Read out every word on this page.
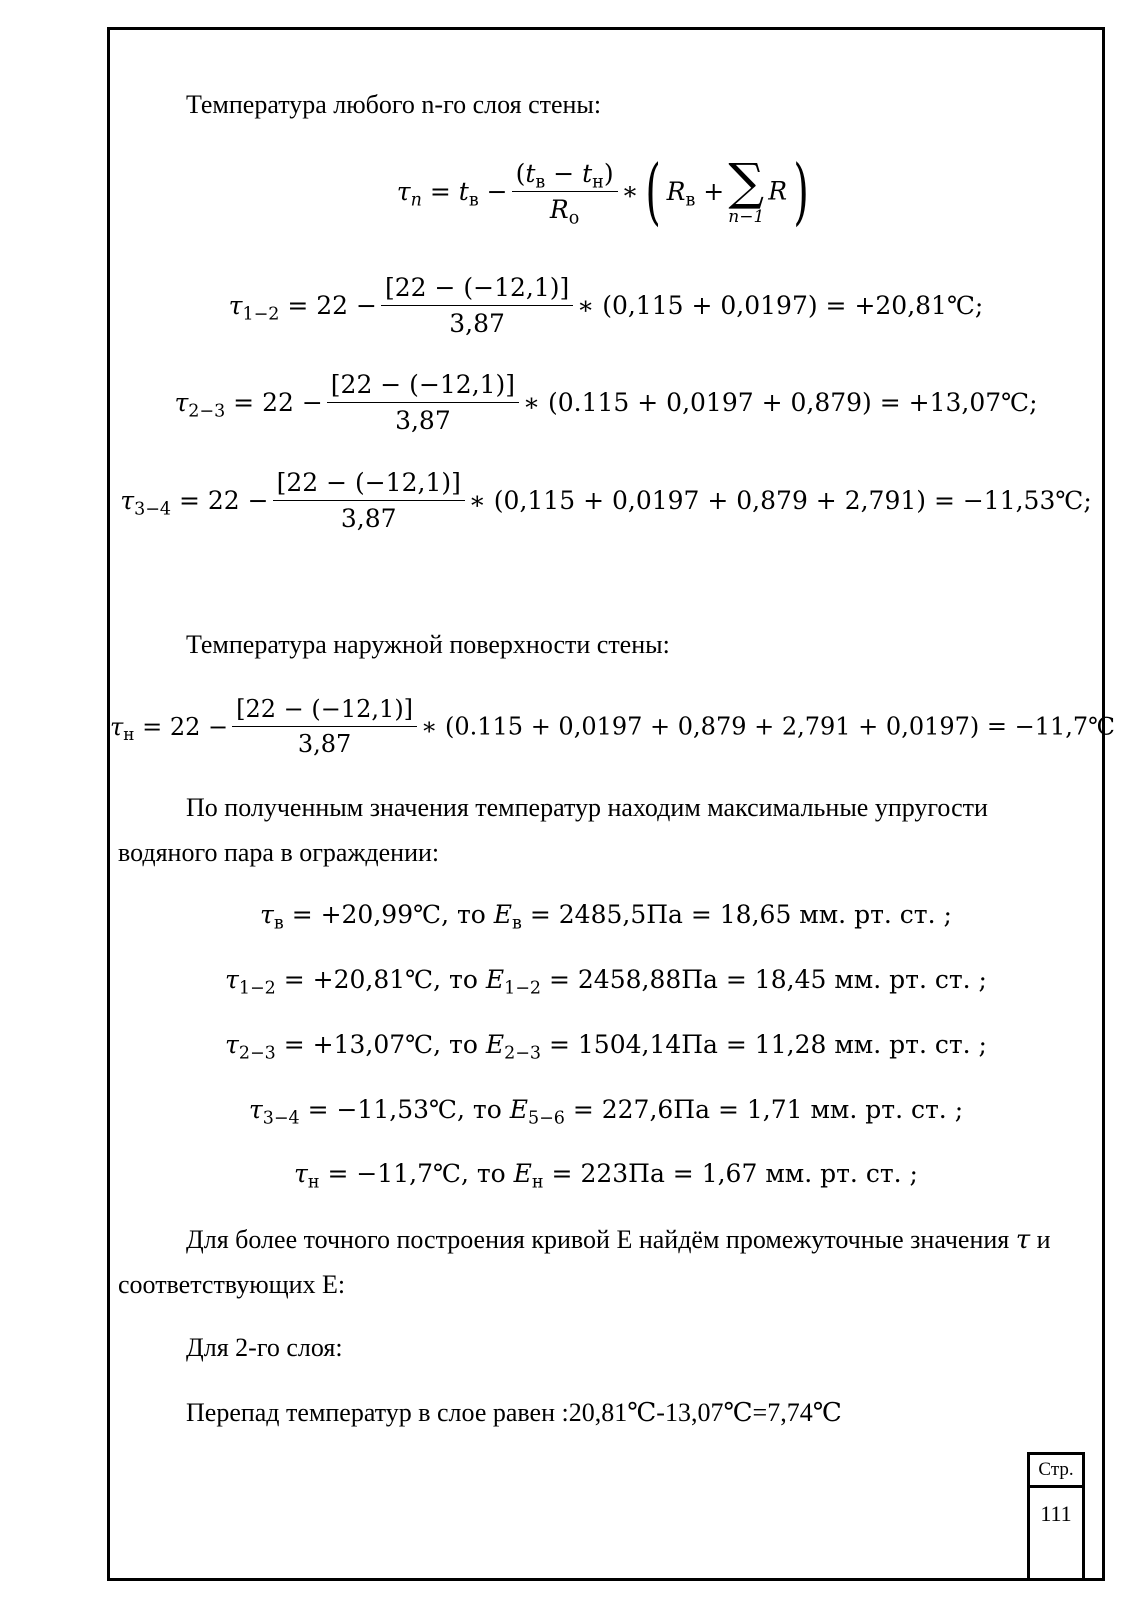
Температура любого n-го слоя стены:
$\tau_n = t_в - \frac{(t_в - t_н)}{R_о}$ ∗( $R_в$ + ∑
n−1
R)
$\tau_{1-2} = 22 - \frac{[22 - (-12,1)]}{3,87}$ ∗ (0,115 + 0,0197) = +20,81℃;
$\tau_{2-3} = 22 - \frac{[22 - (-12,1)]}{3,87}$ ∗ (0.115 + 0,0197 + 0,879) = +13,07℃;
$\tau_{3-4} = 22 - \frac{[22 - (-12,1)]}{3,87}$ ∗ (0,115 + 0,0197 + 0,879 + 2,791) = −11,53℃;
Температура наружной поверхности стены:
$\tau_н = 22 - \frac{[22 - (-12,1)]}{3,87}$ ∗ (0.115 + 0,0197 + 0,879 + 2,791 + 0,0197) = −11,7℃
По полученным значения температур находим максимальные упругости
водяного пара в ограждении:
$\tau_в$ = +20,99℃, то $E_в = 2485,5Па = 18,65$ мм. рт. ст. ;
$\tau_{1-2}$ = +20,81℃, то $E_{1-2} = 2458,88Па = 18,45$ мм. рт. ст. ;
$\tau_{2-3}$ = +13,07℃, то $E_{2-3} = 1504,14Па = 11,28$ мм. рт. ст. ;
$\tau_{3-4}$ = −11,53℃, то $E_{5-6} = 227,6Па = 1,71$ мм. рт. ст. ;
$\tau_н$ = −11,7℃, то $E_н = 223Па = 1,67$ мм. рт. ст. ;
Для более точного построения кривой Е найдём промежуточные значения τ и
соответствующих Е:
Для 2-го слоя:
Перепад температур в слое равен :20,81℃-13,07℃=7,74℃
Стр.
111
